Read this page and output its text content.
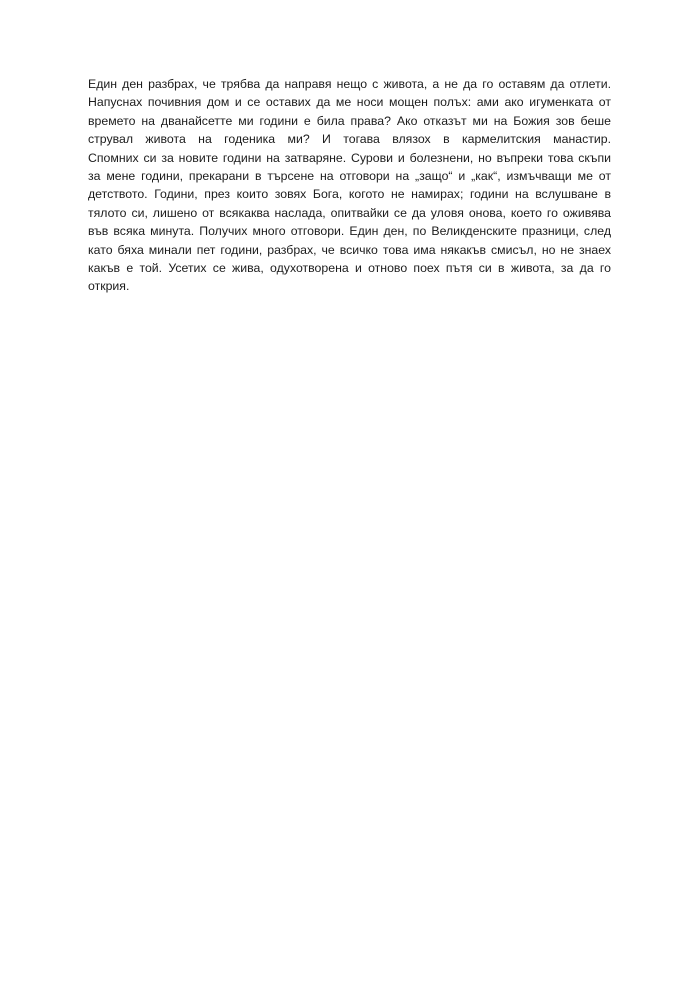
Един ден разбрах, че трябва да направя нещо с живота, а не да го оставям да отлети.
Напуснах почивния дом и се оставих да ме носи мощен полъх: ами ако игуменката от
времето на дванайсетте ми години е била права? Ако отказът ми на Божия зов беше
струвал живота на годеника ми? И тогава влязох в кармелитския манастир.
Спомних си за новите години на затваряне. Сурови и болезнени, но въпреки това скъпи
за мене години, прекарани в търсене на отговори на „защо“ и „как“, измъчващи ме от
детството. Години, през които зовях Бога, когото не намирах; години на вслушване в
тялото си, лишено от всякаква наслада, опитвайки се да уловя онова, което го оживява
във всяка минута. Получих много отговори. Един ден, по Великденските празници, след
като бяха минали пет години, разбрах, че всичко това има някакъв смисъл, но не знаех
какъв е той. Усетих се жива, одухотворена и отново поех пътя си в живота, за да го
открия.
